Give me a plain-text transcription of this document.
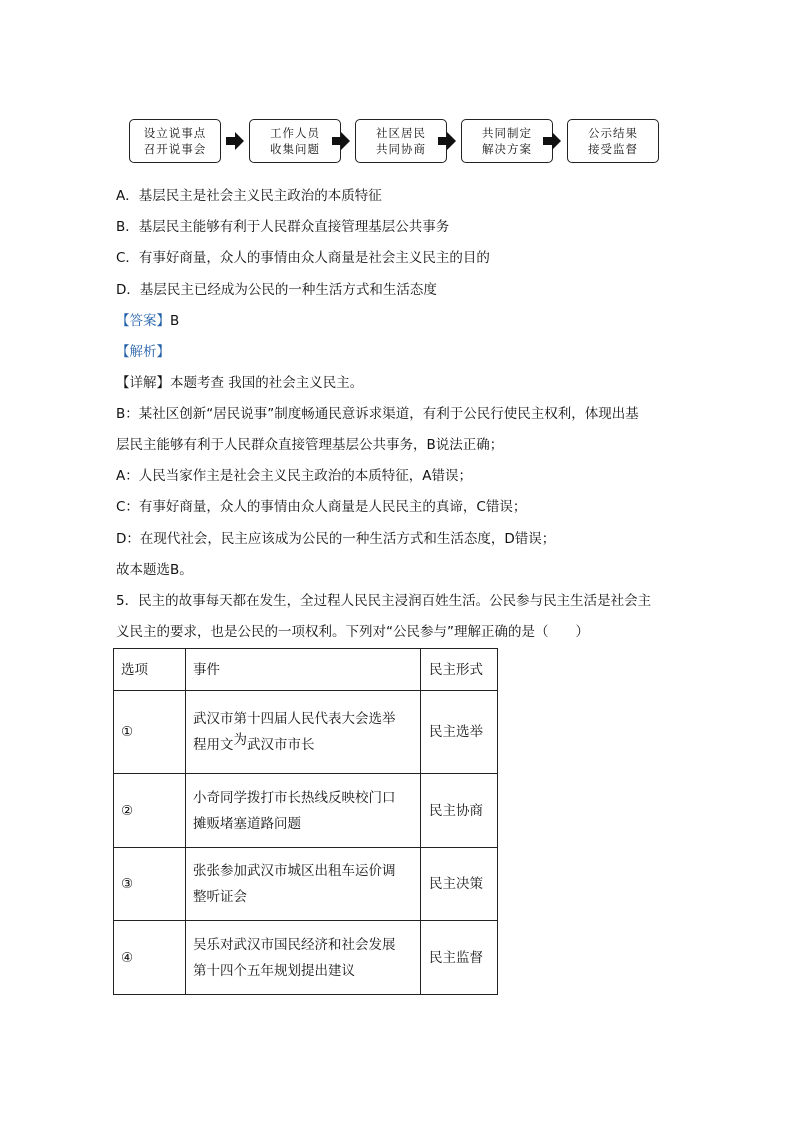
设立说事点
召开说事会
工作人员
收集问题
社区居民
共同协商
共同制定
解决方案
公示结果
接受监督
A．基层民主是社会主义民主政治的本质特征
B．基层民主能够有利于人民群众直接管理基层公共事务
C．有事好商量，众人的事情由众人商量是社会主义民主的目的
D．基层民主已经成为公民的一种生活方式和生活态度
【答案】B
【解析】
【详解】本题考查 我国的社会主义民主。
B：某社区创新“居民说事”制度畅通民意诉求渠道，有利于公民行使民主权利，体现出基
层民主能够有利于人民群众直接管理基层公共事务，B说法正确；
A：人民当家作主是社会主义民主政治的本质特征，A错误；
C：有事好商量，众人的事情由众人商量是人民民主的真谛，C错误；
D：在现代社会，民主应该成为公民的一种生活方式和生活态度，D错误；
故本题选B。
5．民主的故事每天都在发生，全过程人民民主浸润百姓生活。公民参与民主生活是社会主
义民主的要求，也是公民的一项权利。下列对“公民参与”理解正确的是（　　）
选项	事件	民主形式
①	武汉市第十四届人民代表大会选举
程用文为武汉市市长	民主选举
②	小奇同学拨打市长热线反映校门口
摊贩堵塞道路问题	民主协商
③	张张参加武汉市城区出租车运价调
整听证会	民主决策
④	吴乐对武汉市国民经济和社会发展
第十四个五年规划提出建议	民主监督
